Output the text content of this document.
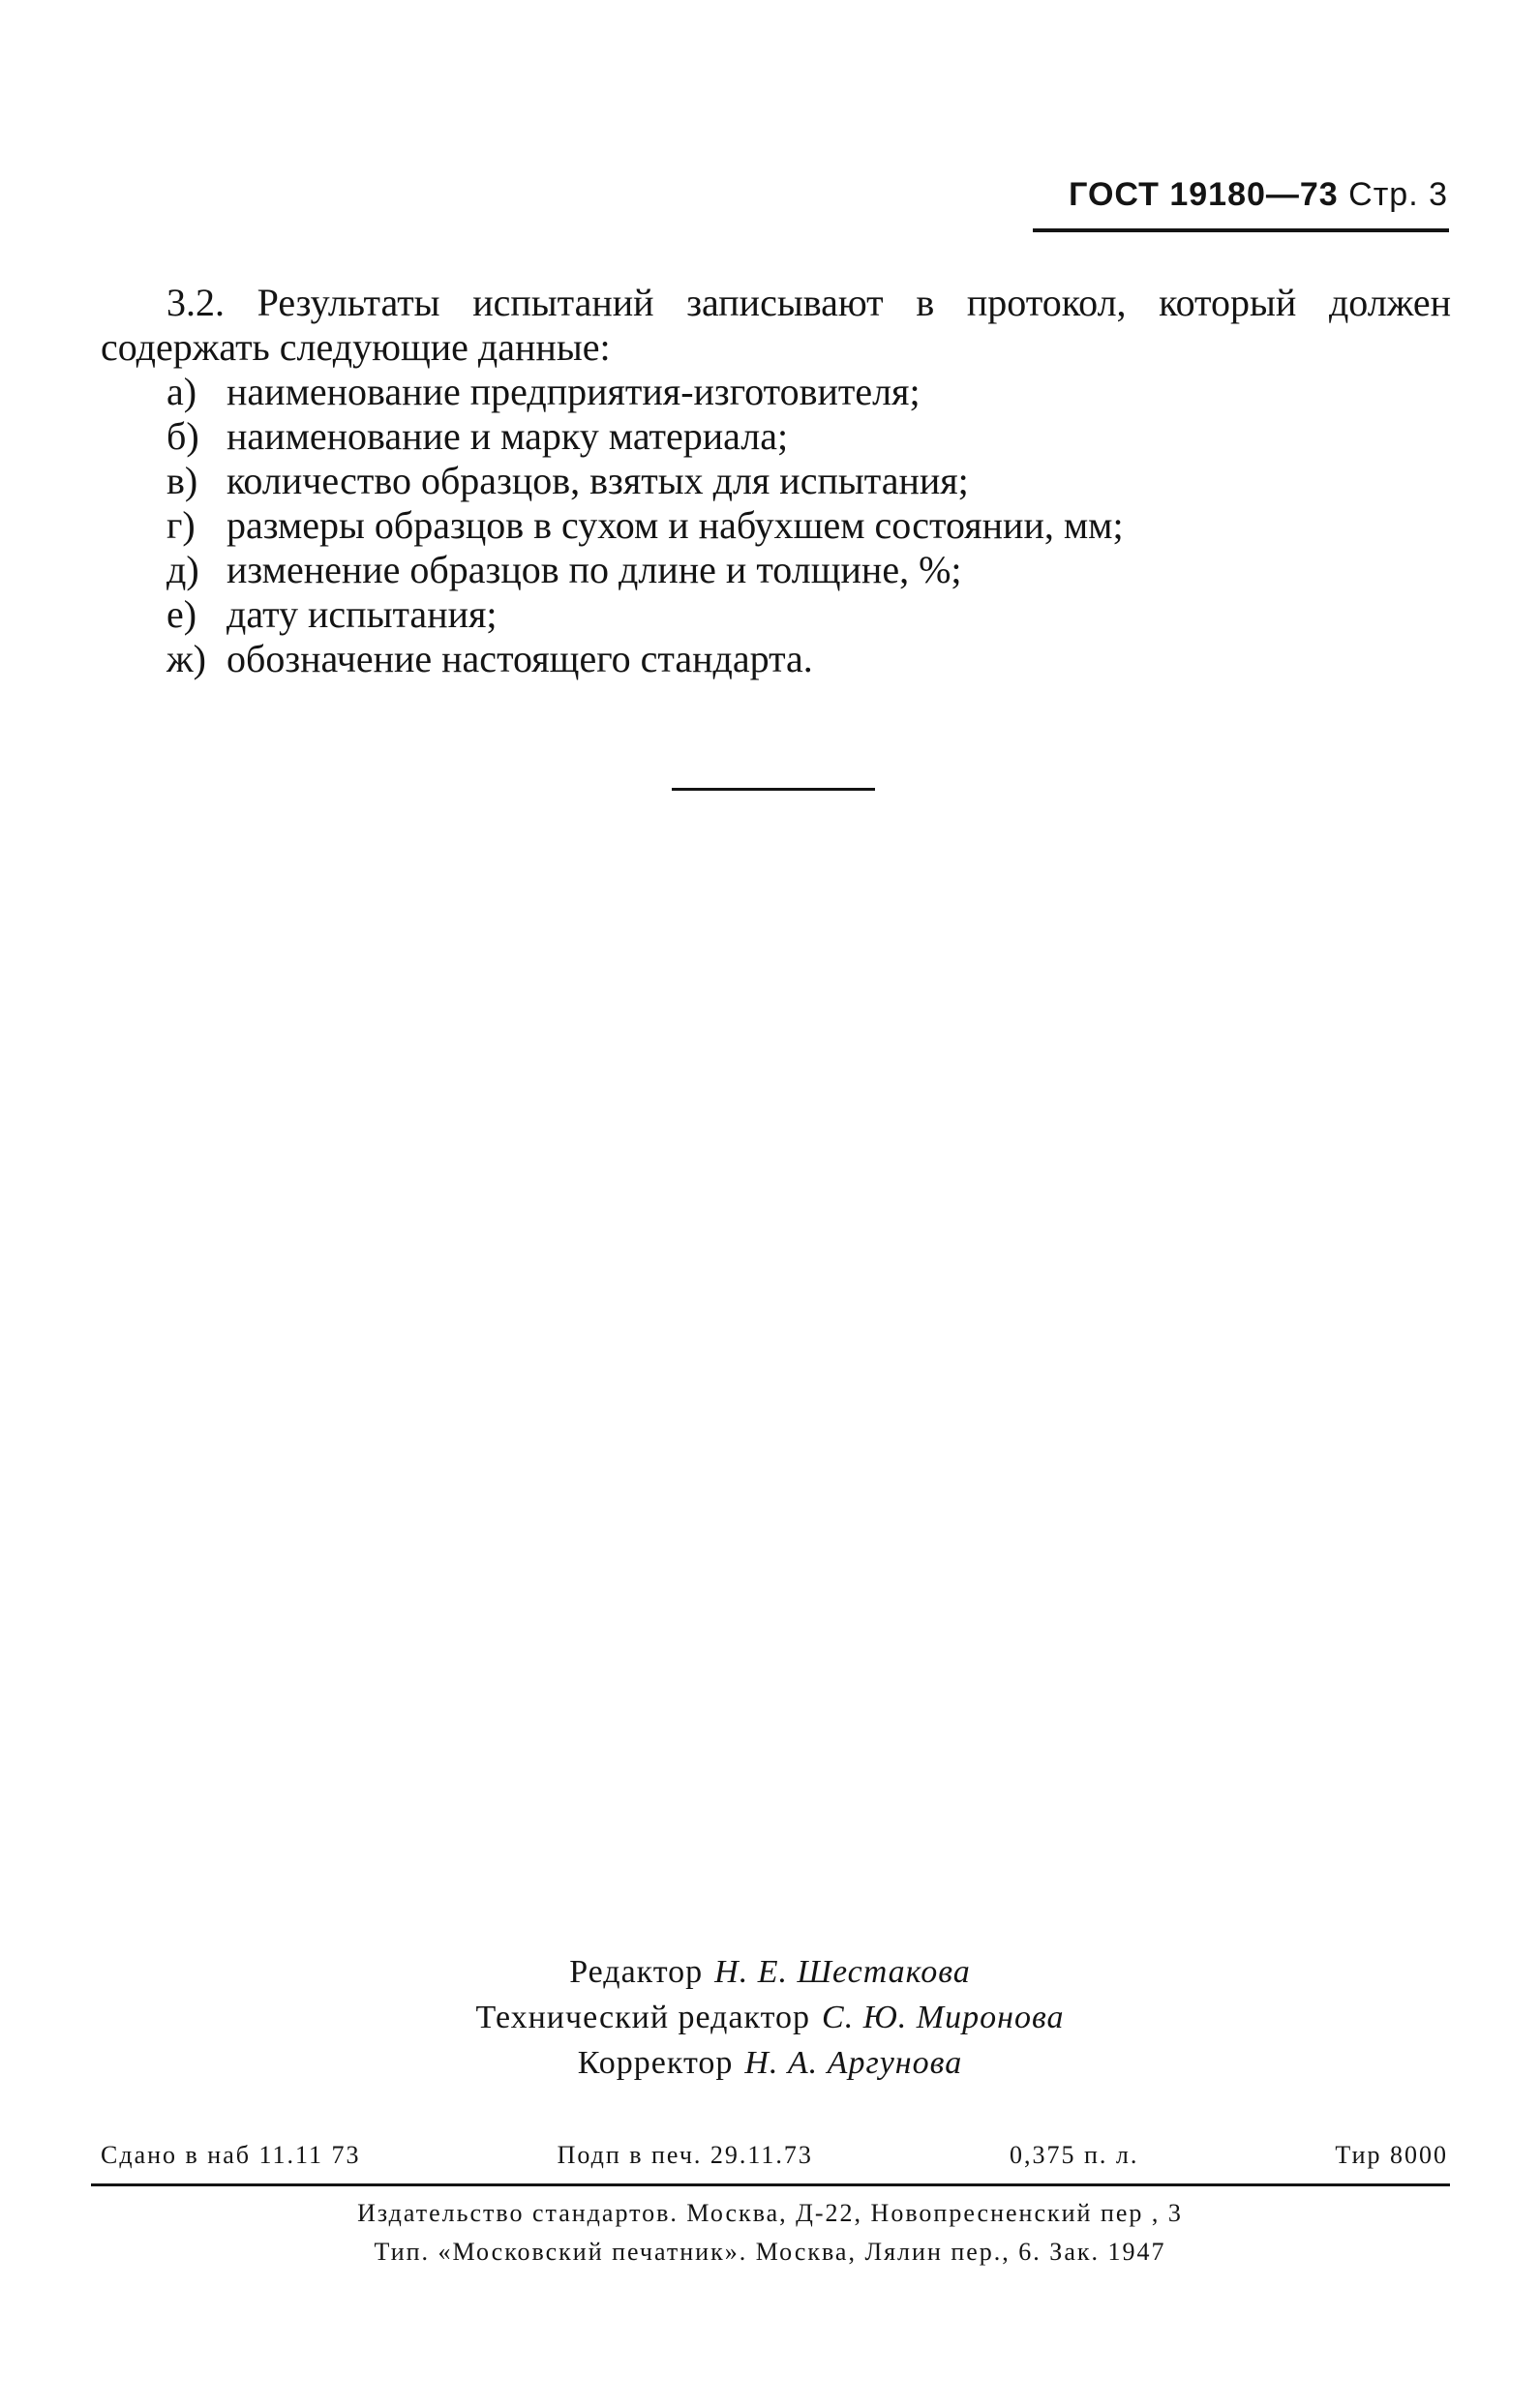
ГОСТ 19180—73 Стр. 3

3.2. Результаты испытаний записывают в протокол, который должен содержать следующие данные:

а) наименование предприятия-изготовителя;
б) наименование и марку материала;
в) количество образцов, взятых для испытания;
г) размеры образцов в сухом и набухшем состоянии, мм;
д) изменение образцов по длине и толщине, %;
е) дату испытания;
ж) обозначение настоящего стандарта.
Редактор Н. Е. Шестакова
Технический редактор С. Ю. Миронова
Корректор Н. А. Аргунова
Сдано в наб 11.11 73	Подп в печ. 29.11.73	0,375 п. л.	Тир 8000
Издательство стандартов. Москва, Д-22, Новопресненский пер , 3
Тип. «Московский печатник». Москва, Лялин пер., 6. Зак. 1947
